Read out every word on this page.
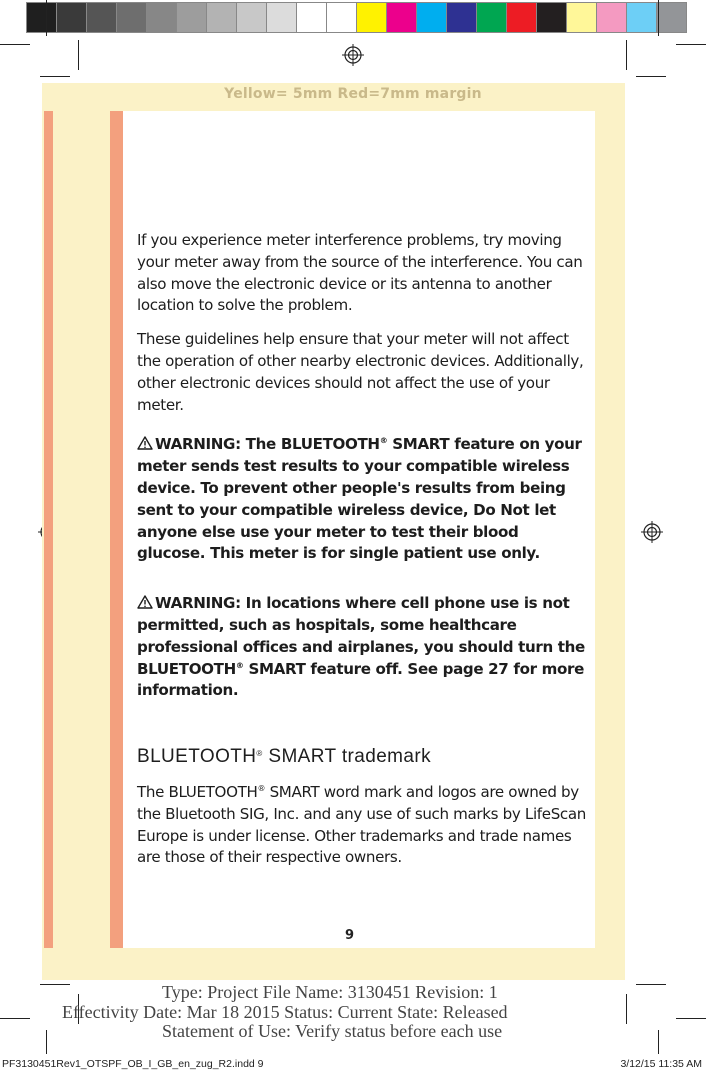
Yellow= 5mm Red=7mm margin

If you experience meter interference problems, try moving your meter away from the source of the interference. You can also move the electronic device or its antenna to another location to solve the problem.

These guidelines help ensure that your meter will not affect the operation of other nearby electronic devices. Additionally, other electronic devices should not affect the use of your meter.

WARNING: The BLUETOOTH® SMART feature on your meter sends test results to your compatible wireless device. To prevent other people's results from being sent to your compatible wireless device, Do Not let anyone else use your meter to test their blood glucose. This meter is for single patient use only.

WARNING: In locations where cell phone use is not permitted, such as hospitals, some healthcare professional offices and airplanes, you should turn the BLUETOOTH® SMART feature off. See page 27 for more information.

BLUETOOTH® SMART trademark

The BLUETOOTH® SMART word mark and logos are owned by the Bluetooth SIG, Inc. and any use of such marks by LifeScan Europe is under license. Other trademarks and trade names are those of their respective owners.

9
Type: Project File Name: 3130451 Revision: 1
Effectivity Date: Mar 18 2015 Status: Current State: Released
Statement of Use: Verify status before each use
PF3130451Rev1_OTSPF_OB_I_GB_en_zug_R2.indd 9	3/12/15 11:35 AM
